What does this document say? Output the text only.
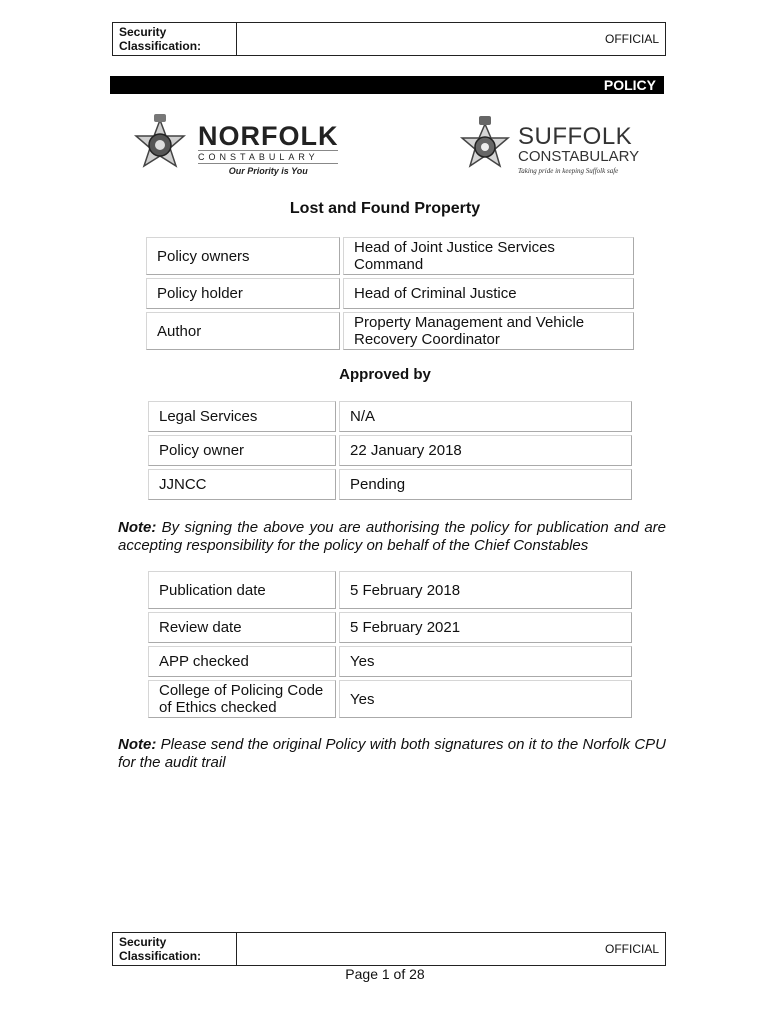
Security
Classification:	OFFICIAL
POLICY
NORFOLK
CONSTABULARY
Our Priority is You
SUFFOLK
CONSTABULARY
Taking pride in keeping Suffolk safe
Lost and Found Property
Policy owners	Head of Joint Justice Services Command
Policy holder	Head of Criminal Justice
Author	Property Management and Vehicle Recovery Coordinator
Approved by
Legal Services	N/A
Policy owner	22 January 2018
JJNCC	Pending
Note: By signing the above you are authorising the policy for publication and are accepting responsibility for the policy on behalf of the Chief Constables
Publication date	5 February 2018
Review date	5 February 2021
APP checked	Yes
College of Policing Code of Ethics checked	Yes
Note: Please send the original Policy with both signatures on it to the Norfolk CPU for the audit trail
Security
Classification:	OFFICIAL
Page 1 of 28
